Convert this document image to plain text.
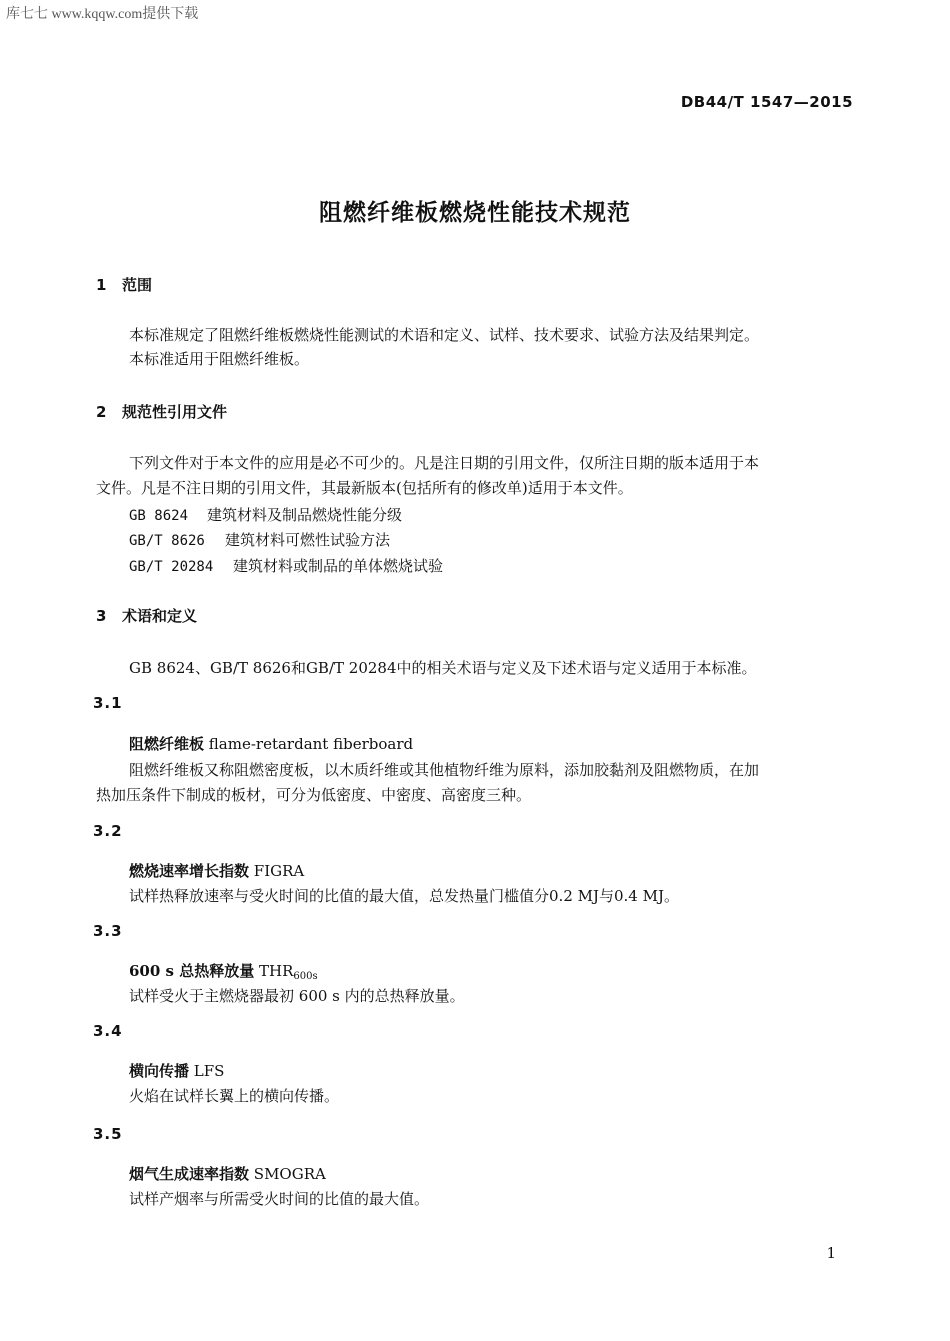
库七七 www.kqqw.com提供下载
DB44/T 1547—2015
阻燃纤维板燃烧性能技术规范
1 范围
本标准规定了阻燃纤维板燃烧性能测试的术语和定义、试样、技术要求、试验方法及结果判定。
本标准适用于阻燃纤维板。
2 规范性引用文件
下列文件对于本文件的应用是必不可少的。凡是注日期的引用文件，仅所注日期的版本适用于本
文件。凡是不注日期的引用文件，其最新版本(包括所有的修改单)适用于本文件。
GB 8624 建筑材料及制品燃烧性能分级
GB/T 8626 建筑材料可燃性试验方法
GB/T 20284 建筑材料或制品的单体燃烧试验
3 术语和定义
GB 8624、GB/T 8626和GB/T 20284中的相关术语与定义及下述术语与定义适用于本标准。
3.1
阻燃纤维板 flame-retardant fiberboard
阻燃纤维板又称阻燃密度板，以木质纤维或其他植物纤维为原料，添加胶黏剂及阻燃物质，在加
热加压条件下制成的板材，可分为低密度、中密度、高密度三种。
3.2
燃烧速率增长指数 FIGRA
试样热释放速率与受火时间的比值的最大值，总发热量门槛值分0.2 MJ与0.4 MJ。
3.3
600 s 总热释放量 $THR_{600s}$
试样受火于主燃烧器最初 600 s 内的总热释放量。
3.4
横向传播 LFS
火焰在试样长翼上的横向传播。
3.5
烟气生成速率指数 SMOGRA
试样产烟率与所需受火时间的比值的最大值。
1
